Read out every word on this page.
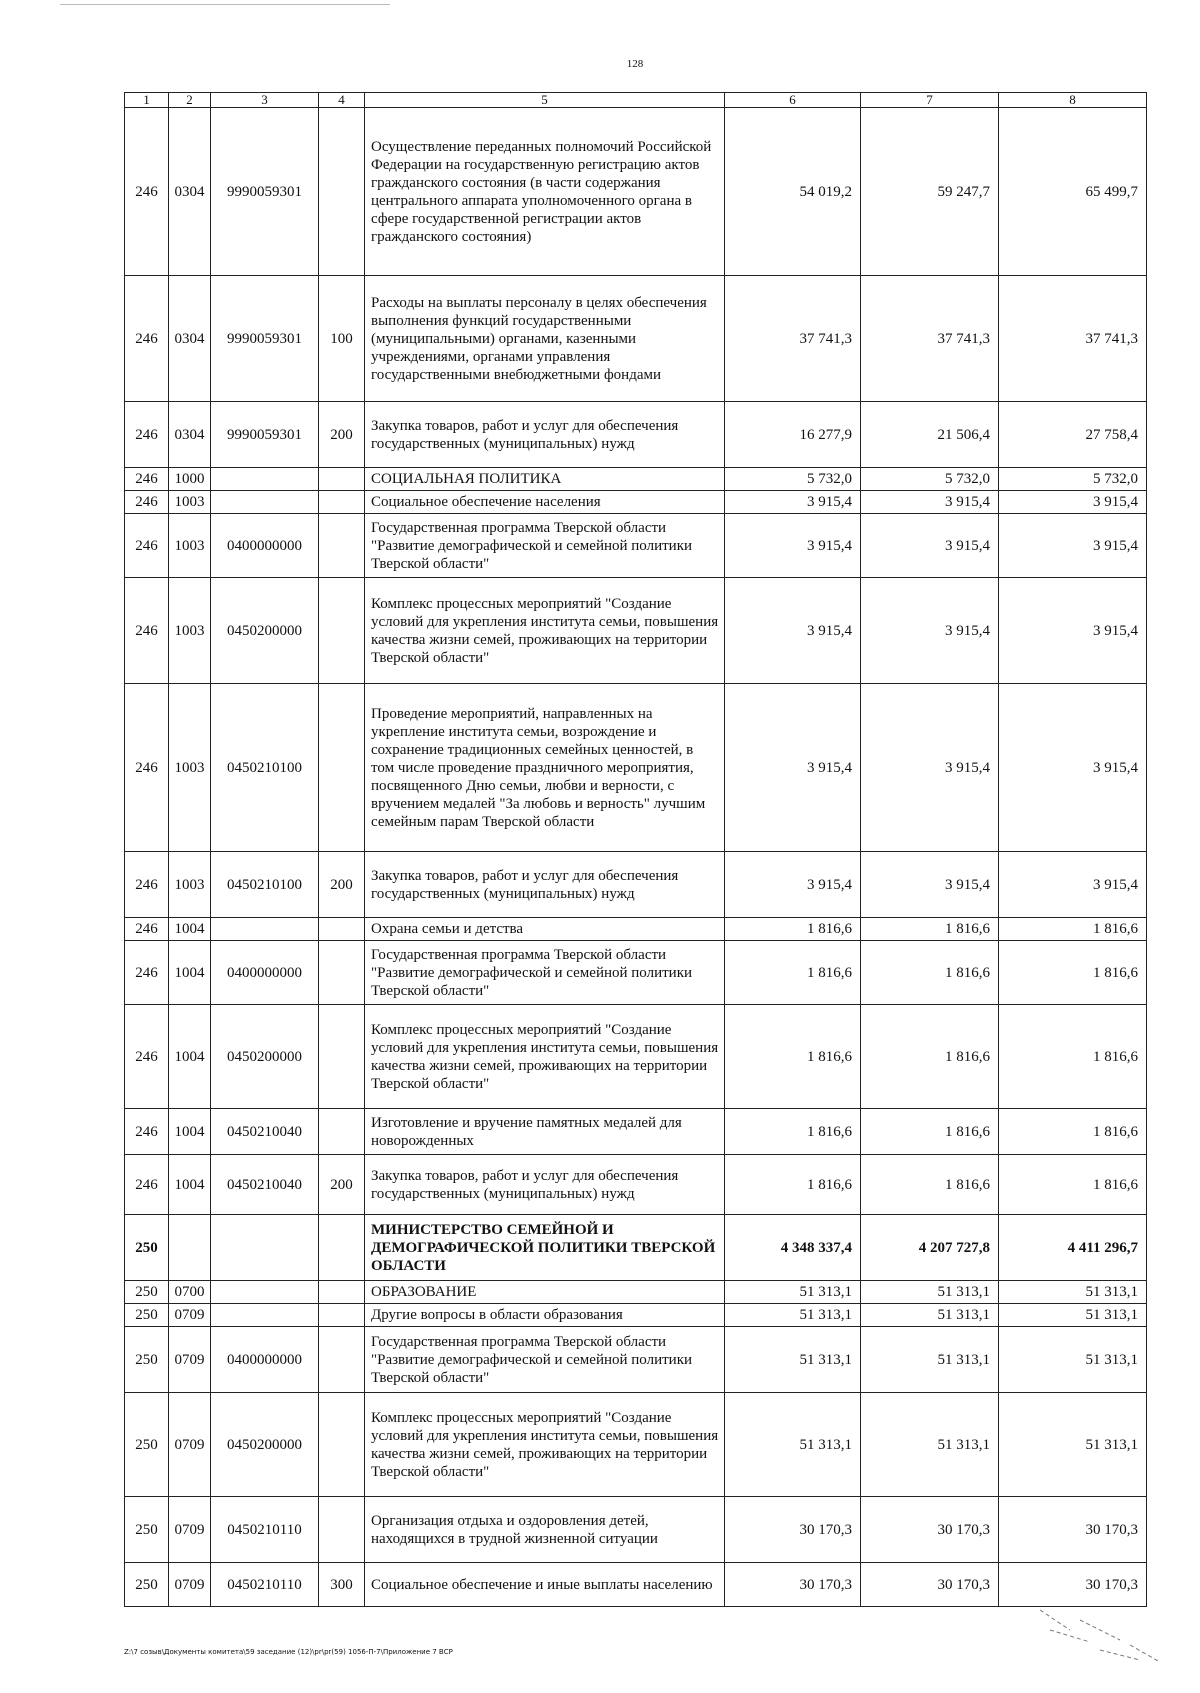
128
1	2	3	4	5	6	7	8
246	0304	9990059301		Осуществление переданных полномочий Российской Федерации на государственную регистрацию актов гражданского состояния (в части содержания центрального аппарата уполномоченного органа в сфере государственной регистрации актов гражданского состояния)	54 019,2	59 247,7	65 499,7
246	0304	9990059301	100	Расходы на выплаты персоналу в целях обеспечения выполнения функций государственными (муниципальными) органами, казенными учреждениями, органами управления государственными внебюджетными фондами	37 741,3	37 741,3	37 741,3
246	0304	9990059301	200	Закупка товаров, работ и услуг для обеспечения государственных (муниципальных) нужд	16 277,9	21 506,4	27 758,4
246	1000			СОЦИАЛЬНАЯ ПОЛИТИКА	5 732,0	5 732,0	5 732,0
246	1003			Социальное обеспечение населения	3 915,4	3 915,4	3 915,4
246	1003	0400000000		Государственная программа Тверской области "Развитие демографической и семейной политики Тверской области"	3 915,4	3 915,4	3 915,4
246	1003	0450200000		Комплекс процессных мероприятий "Создание условий для укрепления института семьи, повышения качества жизни семей, проживающих на территории Тверской области"	3 915,4	3 915,4	3 915,4
246	1003	0450210100		Проведение мероприятий, направленных на укрепление института семьи, возрождение и сохранение традиционных семейных ценностей, в том числе проведение праздничного мероприятия, посвященного Дню семьи, любви и верности, с вручением медалей "За любовь и верность" лучшим семейным парам Тверской области	3 915,4	3 915,4	3 915,4
246	1003	0450210100	200	Закупка товаров, работ и услуг для обеспечения государственных (муниципальных) нужд	3 915,4	3 915,4	3 915,4
246	1004			Охрана семьи и детства	1 816,6	1 816,6	1 816,6
246	1004	0400000000		Государственная программа Тверской области "Развитие демографической и семейной политики Тверской области"	1 816,6	1 816,6	1 816,6
246	1004	0450200000		Комплекс процессных мероприятий "Создание условий для укрепления института семьи, повышения качества жизни семей, проживающих на территории Тверской области"	1 816,6	1 816,6	1 816,6
246	1004	0450210040		Изготовление и вручение памятных медалей для новорожденных	1 816,6	1 816,6	1 816,6
246	1004	0450210040	200	Закупка товаров, работ и услуг для обеспечения государственных (муниципальных) нужд	1 816,6	1 816,6	1 816,6
250				МИНИСТЕРСТВО СЕМЕЙНОЙ И ДЕМОГРАФИЧЕСКОЙ ПОЛИТИКИ ТВЕРСКОЙ ОБЛАСТИ	4 348 337,4	4 207 727,8	4 411 296,7
250	0700			ОБРАЗОВАНИЕ	51 313,1	51 313,1	51 313,1
250	0709			Другие вопросы в области образования	51 313,1	51 313,1	51 313,1
250	0709	0400000000		Государственная программа Тверской области "Развитие демографической и семейной политики Тверской области"	51 313,1	51 313,1	51 313,1
250	0709	0450200000		Комплекс процессных мероприятий "Создание условий для укрепления института семьи, повышения качества жизни семей, проживающих на территории Тверской области"	51 313,1	51 313,1	51 313,1
250	0709	0450210110		Организация отдыха и оздоровления детей, находящихся в трудной жизненной ситуации	30 170,3	30 170,3	30 170,3
250	0709	0450210110	300	Социальное обеспечение и иные выплаты населению	30 170,3	30 170,3	30 170,3
Z:\7 созыв\Документы комитета\59 заседание (12)\pr\pr(59) 1056-П-7\Приложение 7 ВСР
